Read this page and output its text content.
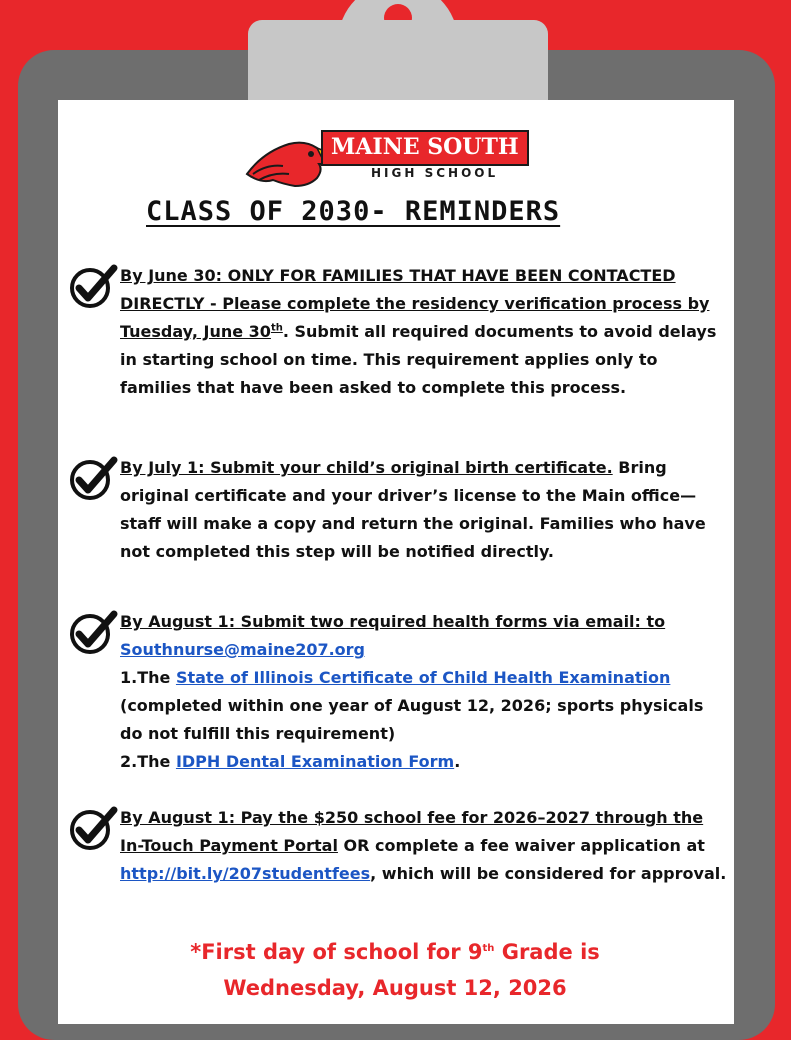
MAINE SOUTH
HIGH SCHOOL
CLASS OF 2030- REMINDERS
By June 30: ONLY FOR FAMILIES THAT HAVE BEEN CONTACTED DIRECTLY - Please complete the residency verification process by Tuesday, June 30th. Submit all required documents to avoid delays in starting school on time. This requirement applies only to families that have been asked to complete this process.
By July 1: Submit your child’s original birth certificate. Bring original certificate and your driver’s license to the Main office—staff will make a copy and return the original. Families who have not completed this step will be notified directly.
By August 1: Submit two required health forms via email: to
Southnurse@maine207.org
1.The State of Illinois Certificate of Child Health Examination (completed within one year of August 12, 2026; sports physicals do not fulfill this requirement)
2.The IDPH Dental Examination Form.
By August 1: Pay the $250 school fee for 2026–2027 through the In-Touch Payment Portal OR complete a fee waiver application at http://bit.ly/207studentfees, which will be considered for approval.
*First day of school for 9th Grade is
Wednesday, August 12, 2026
